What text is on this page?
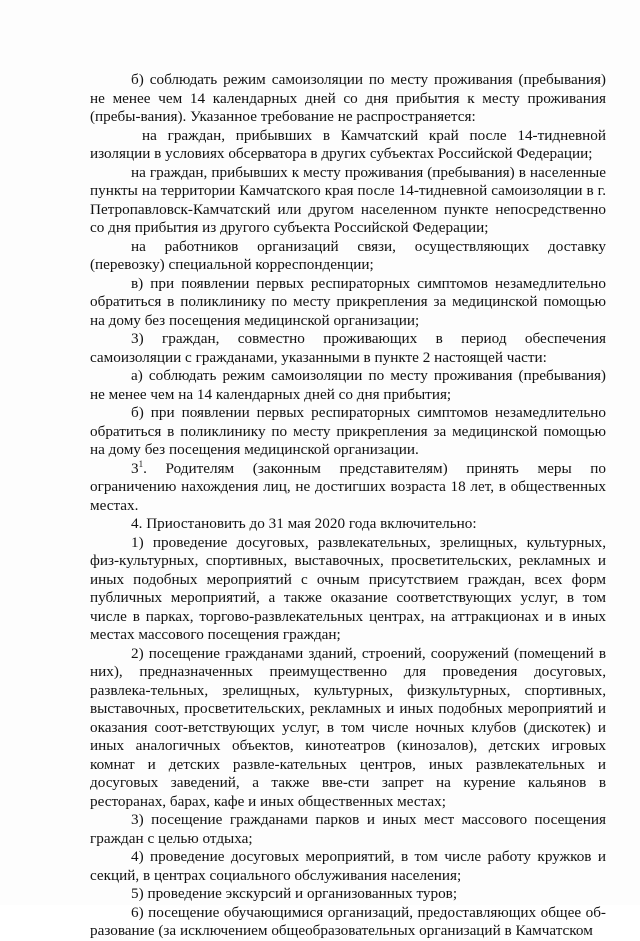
б) соблюдать режим самоизоляции по месту проживания (пребывания) не менее чем 14 календарных дней со дня прибытия к месту проживания (пребы-вания). Указанное требование не распространяется:

на граждан, прибывших в Камчатский край после 14-тидневной изоляции в условиях обсерватора в других субъектах Российской Федерации;

на граждан, прибывших к месту проживания (пребывания) в населенные пункты на территории Камчатского края после 14-тидневной самоизоляции в г. Петропавловск-Камчатский или другом населенном пункте непосредственно со дня прибытия из другого субъекта Российской Федерации;

на работников организаций связи, осуществляющих доставку (перевозку) специальной корреспонденции;

в) при появлении первых респираторных симптомов незамедлительно обратиться в поликлинику по месту прикрепления за медицинской помощью на дому без посещения медицинской организации;

3) граждан, совместно проживающих в период обеспечения самоизоляции с гражданами, указанными в пункте 2 настоящей части:

а) соблюдать режим самоизоляции по месту проживания (пребывания) не менее чем на 14 календарных дней со дня прибытия;

б) при появлении первых респираторных симптомов незамедлительно обратиться в поликлинику по месту прикрепления за медицинской помощью на дому без посещения медицинской организации.

$3^1$. Родителям (законным представителям) принять меры по ограничению нахождения лиц, не достигших возраста 18 лет, в общественных местах.

4. Приостановить до 31 мая 2020 года включительно:

1) проведение досуговых, развлекательных, зрелищных, культурных, физ-культурных, спортивных, выставочных, просветительских, рекламных и иных подобных мероприятий с очным присутствием граждан, всех форм публичных мероприятий, а также оказание соответствующих услуг, в том числе в парках, торгово-развлекательных центрах, на аттракционах и в иных местах массового посещения граждан;

2) посещение гражданами зданий, строений, сооружений (помещений в них), предназначенных преимущественно для проведения досуговых, развлека-тельных, зрелищных, культурных, физкультурных, спортивных, выставочных, просветительских, рекламных и иных подобных мероприятий и оказания соот-ветствующих услуг, в том числе ночных клубов (дискотек) и иных аналогичных объектов, кинотеатров (кинозалов), детских игровых комнат и детских развле-кательных центров, иных развлекательных и досуговых заведений, а также вве-сти запрет на курение кальянов в ресторанах, барах, кафе и иных общественных местах;

3) посещение гражданами парков и иных мест массового посещения граждан с целью отдыха;

4) проведение досуговых мероприятий, в том числе работу кружков и секций, в центрах социального обслуживания населения;

5) проведение экскурсий и организованных туров;

6) посещение обучающимися организаций, предоставляющих общее об-разование (за исключением общеобразовательных организаций в Камчатском
